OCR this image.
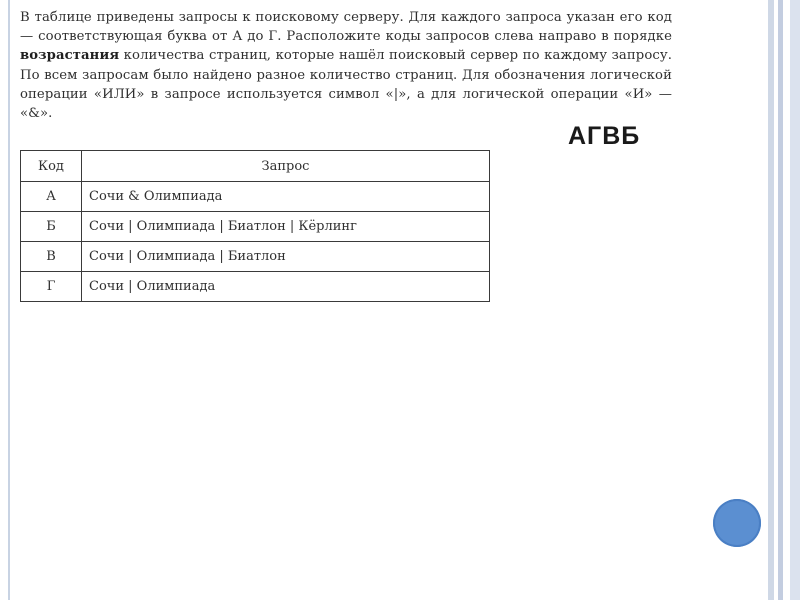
В таблице приведены запросы к поисковому серверу. Для каждого запроса указан его код — соответствующая буква от А до Г. Расположите коды запросов слева направо в порядке возрастания количества страниц, которые нашёл поисковый сервер по каждому запросу. По всем запросам было найдено разное количество страниц. Для обозначения логической операции «ИЛИ» в запросе используется символ «|», а для логической операции «И» — «&».

АГВБ
Код	Запрос
А	Сочи & Олимпиада
Б	Сочи | Олимпиада | Биатлон | Кёрлинг
В	Сочи | Олимпиада | Биатлон
Г	Сочи | Олимпиада
